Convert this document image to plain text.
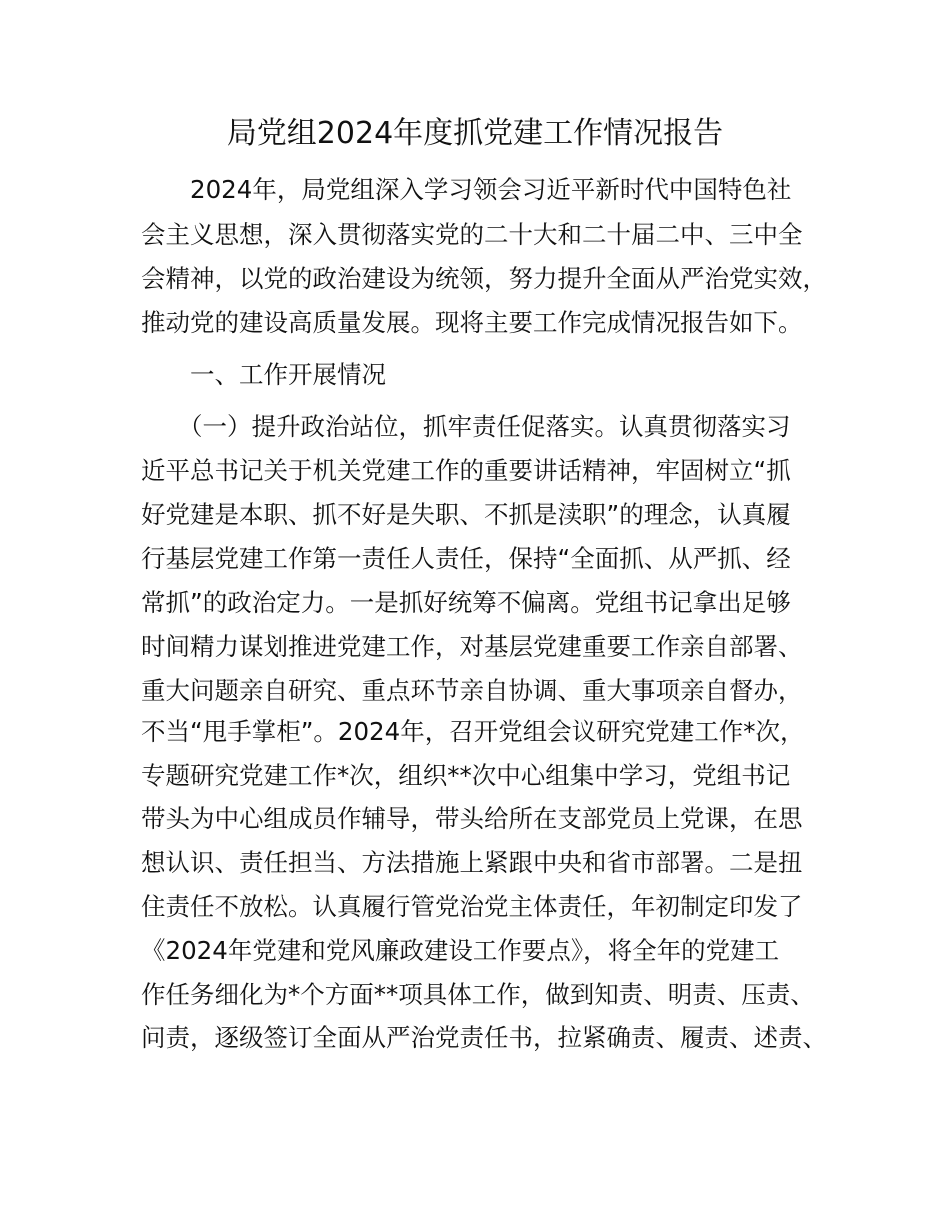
局党组2024年度抓党建工作情况报告
2024年，局党组深入学习领会习近平新时代中国特色社
会主义思想，深入贯彻落实党的二十大和二十届二中、三中全
会精神，以党的政治建设为统领，努力提升全面从严治党实效，
推动党的建设高质量发展。现将主要工作完成情况报告如下。
一、工作开展情况
（一）提升政治站位，抓牢责任促落实。认真贯彻落实习
近平总书记关于机关党建工作的重要讲话精神，牢固树立“抓
好党建是本职、抓不好是失职、不抓是渎职”的理念，认真履
行基层党建工作第一责任人责任，保持“全面抓、从严抓、经
常抓”的政治定力。一是抓好统筹不偏离。党组书记拿出足够
时间精力谋划推进党建工作，对基层党建重要工作亲自部署、
重大问题亲自研究、重点环节亲自协调、重大事项亲自督办，
不当“甩手掌柜”。2024年，召开党组会议研究党建工作*次，
专题研究党建工作*次，组织**次中心组集中学习，党组书记
带头为中心组成员作辅导，带头给所在支部党员上党课，在思
想认识、责任担当、方法措施上紧跟中央和省市部署。二是扭
住责任不放松。认真履行管党治党主体责任，年初制定印发了
《2024年党建和党风廉政建设工作要点》，将全年的党建工
作任务细化为*个方面**项具体工作，做到知责、明责、压责、
问责，逐级签订全面从严治党责任书，拉紧确责、履责、述责、
